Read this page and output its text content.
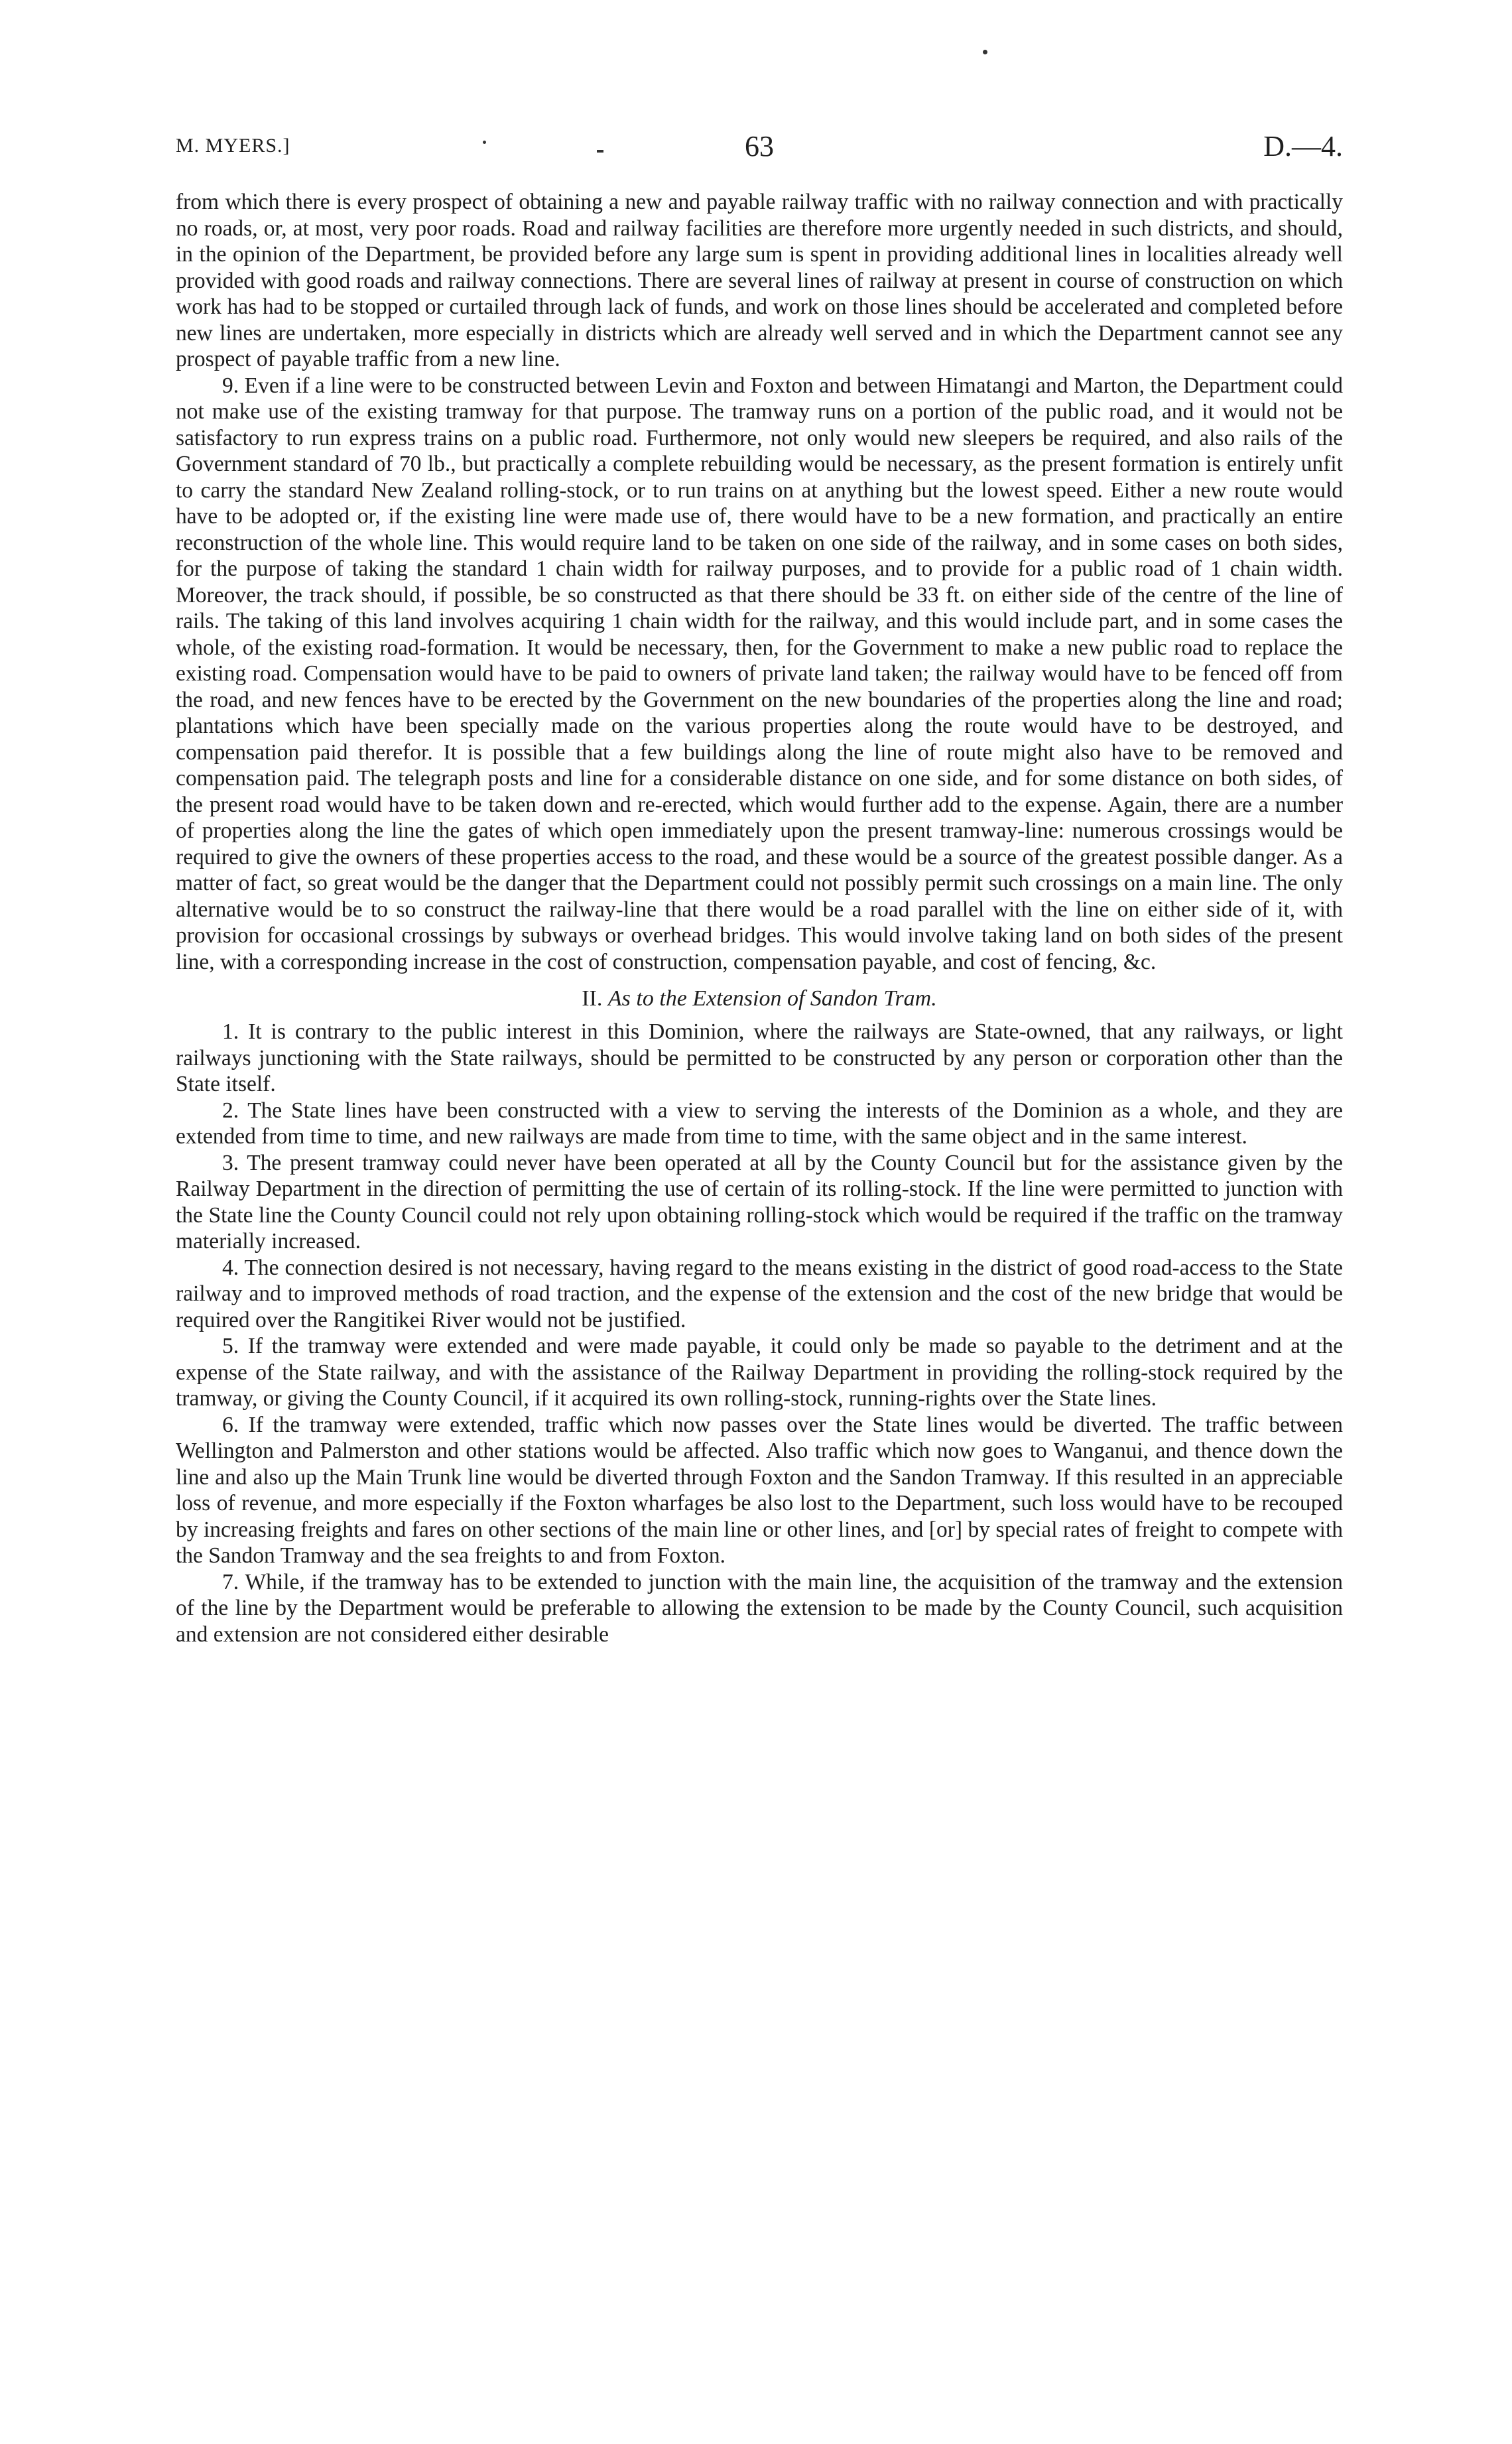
M. MYERS.]	63	D.—4.

from which there is every prospect of obtaining a new and payable railway traffic with no railway connection and with practically no roads, or, at most, very poor roads. Road and railway facilities are therefore more urgently needed in such districts, and should, in the opinion of the Department, be provided before any large sum is spent in providing additional lines in localities already well provided with good roads and railway connections. There are several lines of railway at present in course of construction on which work has had to be stopped or curtailed through lack of funds, and work on those lines should be accelerated and completed before new lines are undertaken, more especially in districts which are already well served and in which the Department cannot see any prospect of payable traffic from a new line.

9. Even if a line were to be constructed between Levin and Foxton and between Himatangi and Marton, the Department could not make use of the existing tramway for that purpose. The tramway runs on a portion of the public road, and it would not be satisfactory to run express trains on a public road. Furthermore, not only would new sleepers be required, and also rails of the Government standard of 70 lb., but practically a complete rebuilding would be necessary, as the present formation is entirely unfit to carry the standard New Zealand rolling-stock, or to run trains on at anything but the lowest speed. Either a new route would have to be adopted or, if the existing line were made use of, there would have to be a new formation, and practically an entire reconstruction of the whole line. This would require land to be taken on one side of the railway, and in some cases on both sides, for the purpose of taking the standard 1 chain width for railway purposes, and to provide for a public road of 1 chain width. Moreover, the track should, if possible, be so constructed as that there should be 33 ft. on either side of the centre of the line of rails. The taking of this land involves acquiring 1 chain width for the railway, and this would include part, and in some cases the whole, of the existing road-formation. It would be necessary, then, for the Government to make a new public road to replace the existing road. Compensation would have to be paid to owners of private land taken; the railway would have to be fenced off from the road, and new fences have to be erected by the Government on the new boundaries of the properties along the line and road; plantations which have been specially made on the various properties along the route would have to be destroyed, and compensation paid therefor. It is possible that a few buildings along the line of route might also have to be removed and compensation paid. The telegraph posts and line for a considerable distance on one side, and for some distance on both sides, of the present road would have to be taken down and re-erected, which would further add to the expense. Again, there are a number of properties along the line the gates of which open immediately upon the present tramway-line: numerous crossings would be required to give the owners of these properties access to the road, and these would be a source of the greatest possible danger. As a matter of fact, so great would be the danger that the Department could not possibly permit such crossings on a main line. The only alternative would be to so construct the railway-line that there would be a road parallel with the line on either side of it, with provision for occasional crossings by subways or overhead bridges. This would involve taking land on both sides of the present line, with a corresponding increase in the cost of construction, compensation payable, and cost of fencing, &c.

II. As to the Extension of Sandon Tram.

1. It is contrary to the public interest in this Dominion, where the railways are State-owned, that any railways, or light railways junctioning with the State railways, should be permitted to be constructed by any person or corporation other than the State itself.

2. The State lines have been constructed with a view to serving the interests of the Dominion as a whole, and they are extended from time to time, and new railways are made from time to time, with the same object and in the same interest.

3. The present tramway could never have been operated at all by the County Council but for the assistance given by the Railway Department in the direction of permitting the use of certain of its rolling-stock. If the line were permitted to junction with the State line the County Council could not rely upon obtaining rolling-stock which would be required if the traffic on the tramway materially increased.

4. The connection desired is not necessary, having regard to the means existing in the district of good road-access to the State railway and to improved methods of road traction, and the expense of the extension and the cost of the new bridge that would be required over the Rangitikei River would not be justified.

5. If the tramway were extended and were made payable, it could only be made so payable to the detriment and at the expense of the State railway, and with the assistance of the Railway Department in providing the rolling-stock required by the tramway, or giving the County Council, if it acquired its own rolling-stock, running-rights over the State lines.

6. If the tramway were extended, traffic which now passes over the State lines would be diverted. The traffic between Wellington and Palmerston and other stations would be affected. Also traffic which now goes to Wanganui, and thence down the line and also up the Main Trunk line would be diverted through Foxton and the Sandon Tramway. If this resulted in an appreciable loss of revenue, and more especially if the Foxton wharfages be also lost to the Department, such loss would have to be recouped by increasing freights and fares on other sections of the main line or other lines, and [or] by special rates of freight to compete with the Sandon Tramway and the sea freights to and from Foxton.

7. While, if the tramway has to be extended to junction with the main line, the acquisition of the tramway and the extension of the line by the Department would be preferable to allowing the extension to be made by the County Council, such acquisition and extension are not considered either desirable
